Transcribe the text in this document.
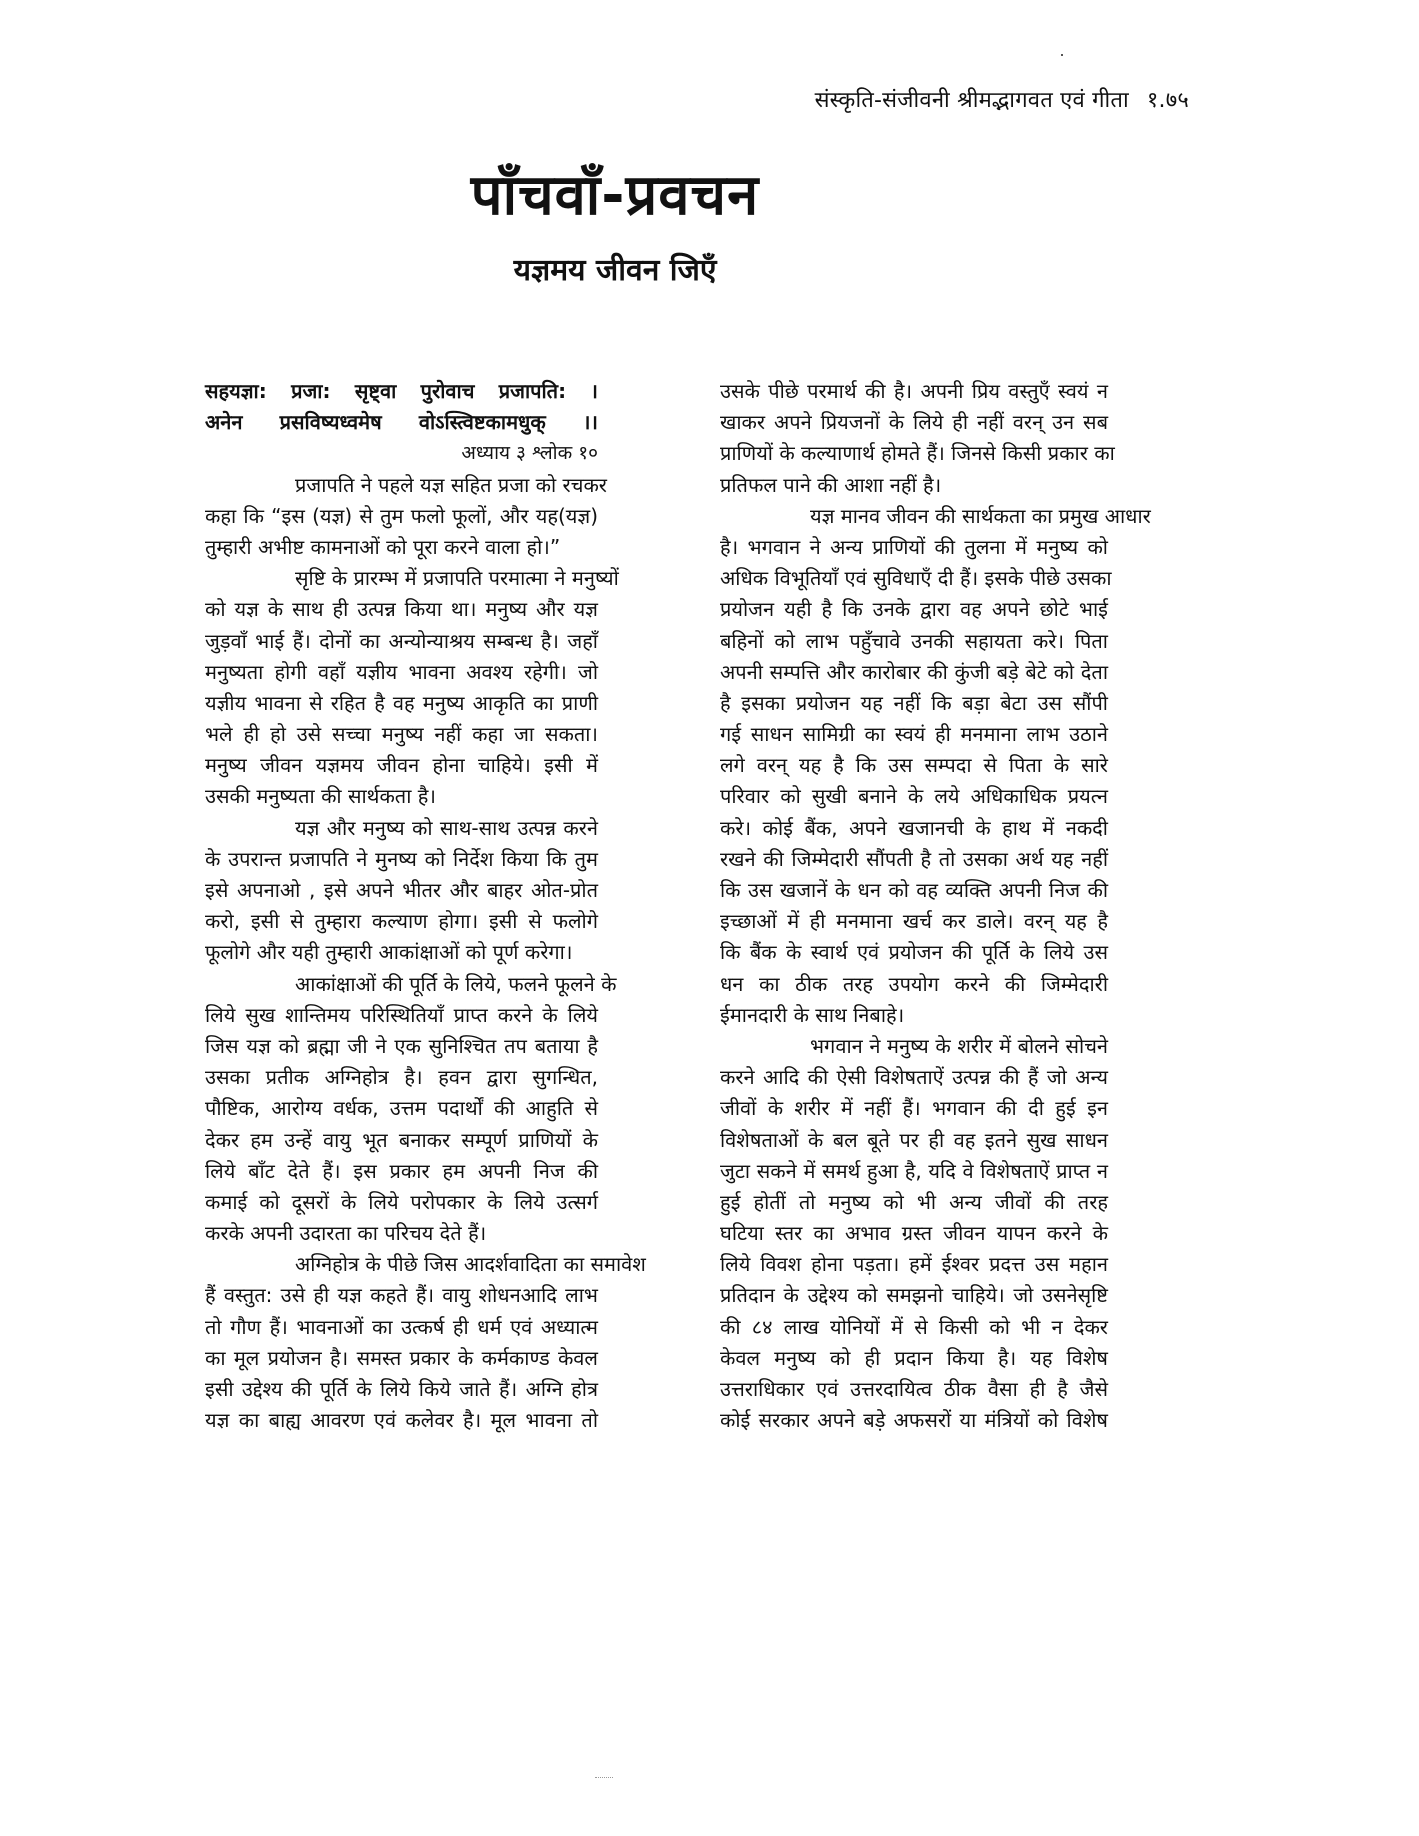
संस्कृति-संजीवनी श्रीमद्भागवत एवं गीता १.७५
पाँचवाँ-प्रवचन
यज्ञमय जीवन जिएँ
सहयज्ञा: प्रजा: सृष्ट्वा पुरोवाच प्रजापति: ।
अनेन प्रसविष्यध्वमेष वोऽस्त्विष्टकामधुक् ।।
अध्याय ३ श्लोक १०
प्रजापति ने पहले यज्ञ सहित प्रजा को रचकर
कहा कि “इस (यज्ञ) से तुम फलो फूलों, और यह(यज्ञ)
तुम्हारी अभीष्ट कामनाओं को पूरा करने वाला हो।”
सृष्टि के प्रारम्भ में प्रजापति परमात्मा ने मनुष्यों
को यज्ञ के साथ ही उत्पन्न किया था। मनुष्य और यज्ञ
जुड़वाँ भाई हैं। दोनों का अन्योन्याश्रय सम्बन्ध है। जहाँ
मनुष्यता होगी वहाँ यज्ञीय भावना अवश्य रहेगी। जो
यज्ञीय भावना से रहित है वह मनुष्य आकृति का प्राणी
भले ही हो उसे सच्चा मनुष्य नहीं कहा जा सकता।
मनुष्य जीवन यज्ञमय जीवन होना चाहिये। इसी में
उसकी मनुष्यता की सार्थकता है।
यज्ञ और मनुष्य को साथ-साथ उत्पन्न करने
के उपरान्त प्रजापति ने मुनष्य को निर्देश किया कि तुम
इसे अपनाओ , इसे अपने भीतर और बाहर ओत-प्रोत
करो, इसी से तुम्हारा कल्याण होगा। इसी से फलोगे
फूलोगे और यही तुम्हारी आकांक्षाओं को पूर्ण करेगा।
आकांक्षाओं की पूर्ति के लिये, फलने फूलने के
लिये सुख शान्तिमय परिस्थितियाँ प्राप्त करने के लिये
जिस यज्ञ को ब्रह्मा जी ने एक सुनिश्चित तप बताया है
उसका प्रतीक अग्निहोत्र है। हवन द्वारा सुगन्धित,
पौष्टिक, आरोग्य वर्धक, उत्तम पदार्थों की आहुति से
देकर हम उन्हें वायु भूत बनाकर सम्पूर्ण प्राणियों के
लिये बाँट देते हैं। इस प्रकार हम अपनी निज की
कमाई को दूसरों के लिये परोपकार के लिये उत्सर्ग
करके अपनी उदारता का परिचय देते हैं।
अग्निहोत्र के पीछे जिस आदर्शवादिता का समावेश
हैं वस्तुत: उसे ही यज्ञ कहते हैं। वायु शोधनआदि लाभ
तो गौण हैं। भावनाओं का उत्कर्ष ही धर्म एवं अध्यात्म
का मूल प्रयोजन है। समस्त प्रकार के कर्मकाण्ड केवल
इसी उद्देश्य की पूर्ति के लिये किये जाते हैं। अग्नि होत्र
यज्ञ का बाह्य आवरण एवं कलेवर है। मूल भावना तो
उसके पीछे परमार्थ की है। अपनी प्रिय वस्तुएँ स्वयं न
खाकर अपने प्रियजनों के लिये ही नहीं वरन् उन सब
प्राणियों के कल्याणार्थ होमते हैं। जिनसे किसी प्रकार का
प्रतिफल पाने की आशा नहीं है।
यज्ञ मानव जीवन की सार्थकता का प्रमुख आधार
है। भगवान ने अन्य प्राणियों की तुलना में मनुष्य को
अधिक विभूतियाँ एवं सुविधाएँ दी हैं। इसके पीछे उसका
प्रयोजन यही है कि उनके द्वारा वह अपने छोटे भाई
बहिनों को लाभ पहुँचावे उनकी सहायता करे। पिता
अपनी सम्पत्ति और कारोबार की कुंजी बड़े बेटे को देता
है इसका प्रयोजन यह नहीं कि बड़ा बेटा उस सौंपी
गई साधन सामिग्री का स्वयं ही मनमाना लाभ उठाने
लगे वरन् यह है कि उस सम्पदा से पिता के सारे
परिवार को सुखी बनाने के लये अधिकाधिक प्रयत्न
करे। कोई बैंक, अपने खजानची के हाथ में नकदी
रखने की जिम्मेदारी सौंपती है तो उसका अर्थ यह नहीं
कि उस खजानें के धन को वह व्यक्ति अपनी निज की
इच्छाओं में ही मनमाना खर्च कर डाले। वरन् यह है
कि बैंक के स्वार्थ एवं प्रयोजन की पूर्ति के लिये उस
धन का ठीक तरह उपयोग करने की जिम्मेदारी
ईमानदारी के साथ निबाहे।
भगवान ने मनुष्य के शरीर में बोलने सोचने
करने आदि की ऐसी विशेषताऐं उत्पन्न की हैं जो अन्य
जीवों के शरीर में नहीं हैं। भगवान की दी हुई इन
विशेषताओं के बल बूते पर ही वह इतने सुख साधन
जुटा सकने में समर्थ हुआ है, यदि वे विशेषताऐं प्राप्त न
हुई होतीं तो मनुष्य को भी अन्य जीवों की तरह
घटिया स्तर का अभाव ग्रस्त जीवन यापन करने के
लिये विवश होना पड़ता। हमें ईश्वर प्रदत्त उस महान
प्रतिदान के उद्देश्य को समझनो चाहिये। जो उसनेसृष्टि
की ८४ लाख योनियों में से किसी को भी न देकर
केवल मनुष्य को ही प्रदान किया है। यह विशेष
उत्तराधिकार एवं उत्तरदायित्व ठीक वैसा ही है जैसे
कोई सरकार अपने बड़े अफसरों या मंत्रियों को विशेष
